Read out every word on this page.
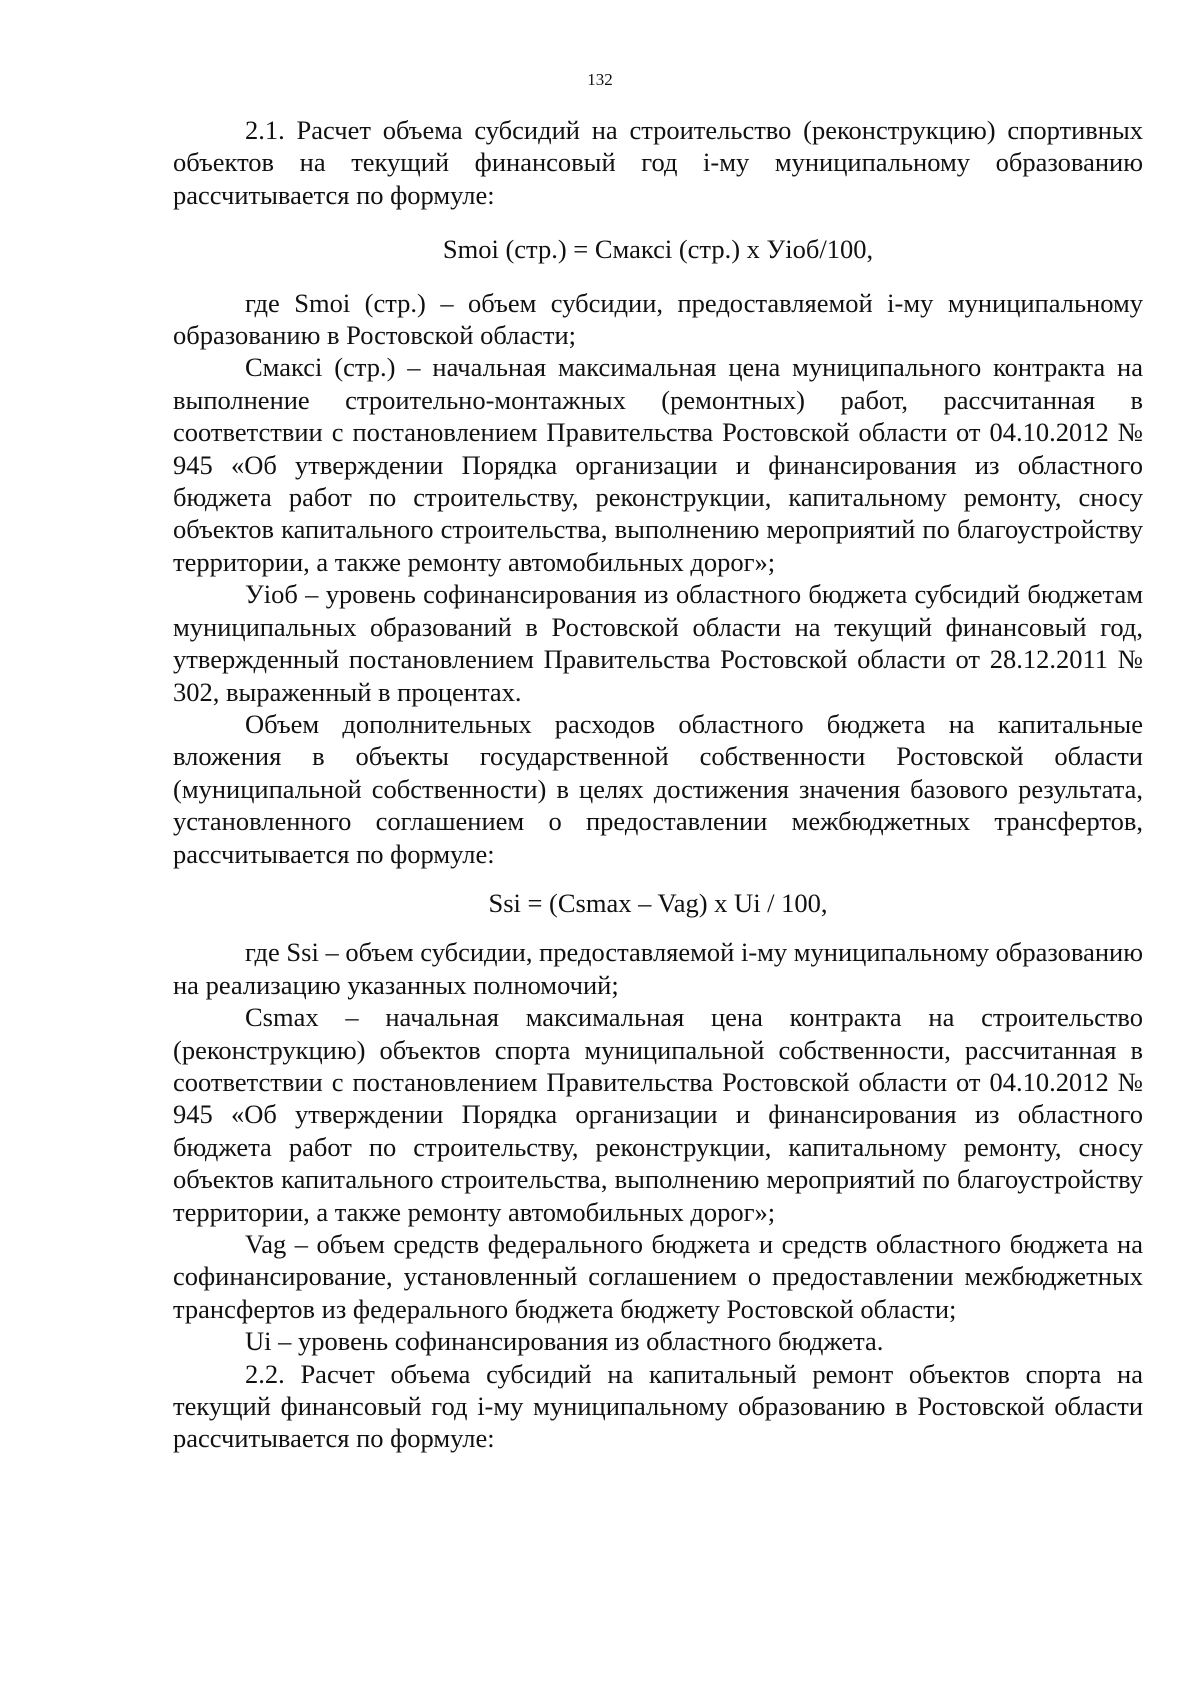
132

2.1. Расчет объема субсидий на строительство (реконструкцию) спортивных объектов на текущий финансовый год i-му муниципальному образованию рассчитывается по формуле:

Smoi (стр.) = Cмаксi (стр.) х Уioб/100,

где Smoi (стр.) – объем субсидии, предоставляемой i-му муниципальному образованию в Ростовской области;

Смаксi (стр.) – начальная максимальная цена муниципального контракта на выполнение строительно-монтажных (ремонтных) работ, рассчитанная в соответствии с постановлением Правительства Ростовской области от 04.10.2012 № 945 «Об утверждении Порядка организации и финансирования из областного бюджета работ по строительству, реконструкции, капитальному ремонту, сносу объектов капитального строительства, выполнению мероприятий по благоустройству территории, а также ремонту автомобильных дорог»;

Уioб – уровень софинансирования из областного бюджета субсидий бюджетам муниципальных образований в Ростовской области на текущий финансовый год, утвержденный постановлением Правительства Ростовской области от 28.12.2011 № 302, выраженный в процентах.

Объем дополнительных расходов областного бюджета на капитальные вложения в объекты государственной собственности Ростовской области (муниципальной собственности) в целях достижения значения базового результата, установленного соглашением о предоставлении межбюджетных трансфертов, рассчитывается по формуле:

Ssi = (Csmax – Vag) x Ui / 100,

где Ssi – объем субсидии, предоставляемой i-му муниципальному образованию на реализацию указанных полномочий;

Csmax – начальная максимальная цена контракта на строительство (реконструкцию) объектов спорта муниципальной собственности, рассчитанная в соответствии с постановлением Правительства Ростовской области от 04.10.2012 № 945 «Об утверждении Порядка организации и финансирования из областного бюджета работ по строительству, реконструкции, капитальному ремонту, сносу объектов капитального строительства, выполнению мероприятий по благоустройству территории, а также ремонту автомобильных дорог»;

Vag – объем средств федерального бюджета и средств областного бюджета на софинансирование, установленный соглашением о предоставлении межбюджетных трансфертов из федерального бюджета бюджету Ростовской области;

Ui – уровень софинансирования из областного бюджета.

2.2. Расчет объема субсидий на капитальный ремонт объектов спорта на текущий финансовый год i-му муниципальному образованию в Ростовской области рассчитывается по формуле:
